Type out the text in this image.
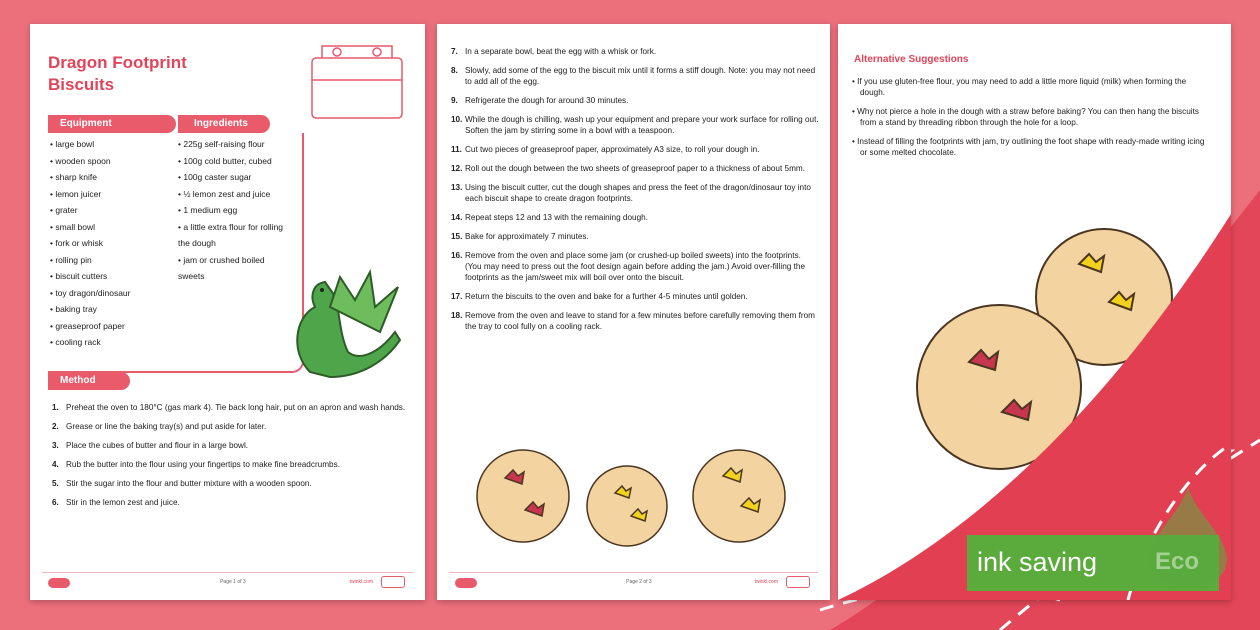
Dragon Footprint Biscuits
Equipment	Ingredients
• large bowl
• wooden spoon
• sharp knife
• lemon juicer
• grater
• small bowl
• fork or whisk
• rolling pin
• biscuit cutters
• toy dragon/dinosaur
• baking tray
• greaseproof paper
• cooling rack
• 225g self-raising flour
• 100g cold butter, cubed
• 100g caster sugar
• ½ lemon zest and juice
• 1 medium egg
• a little extra flour for rolling the dough
• jam or crushed boiled sweets
Method
1. Preheat the oven to 180°C (gas mark 4). Tie back long hair, put on an apron and wash hands.
2. Grease or line the baking tray(s) and put aside for later.
3. Place the cubes of butter and flour in a large bowl.
4. Rub the butter into the flour using your fingertips to make fine breadcrumbs.
5. Stir the sugar into the flour and butter mixture with a wooden spoon.
6. Stir in the lemon zest and juice.
Page 1 of 3	twinkl.com
7. In a separate bowl, beat the egg with a whisk or fork.
8. Slowly, add some of the egg to the biscuit mix until it forms a stiff dough. Note: you may not need to add all of the egg.
9. Refrigerate the dough for around 30 minutes.
10. While the dough is chilling, wash up your equipment and prepare your work surface for rolling out. Soften the jam by stirring some in a bowl with a teaspoon.
11. Cut two pieces of greaseproof paper, approximately A3 size, to roll your dough in.
12. Roll out the dough between the two sheets of greaseproof paper to a thickness of about 5mm.
13. Using the biscuit cutter, cut the dough shapes and press the feet of the dragon/dinosaur toy into each biscuit shape to create dragon footprints.
14. Repeat steps 12 and 13 with the remaining dough.
15. Bake for approximately 7 minutes.
16. Remove from the oven and place some jam (or crushed-up boiled sweets) into the footprints. (You may need to press out the foot design again before adding the jam.) Avoid over-filling the footprints as the jam/sweet mix will boil over onto the biscuit.
17. Return the biscuits to the oven and bake for a further 4-5 minutes until golden.
18. Remove from the oven and leave to stand for a few minutes before carefully removing them from the tray to cool fully on a cooling rack.
Page 2 of 3	twinkl.com
Alternative Suggestions
• If you use gluten-free flour, you may need to add a little more liquid (milk) when forming the dough.
• Why not pierce a hole in the dough with a straw before baking? You can then hang the biscuits from a stand by threading ribbon through the hole for a loop.
• Instead of filling the footprints with jam, try outlining the foot shape with ready-made writing icing or some melted chocolate.
ink saving
